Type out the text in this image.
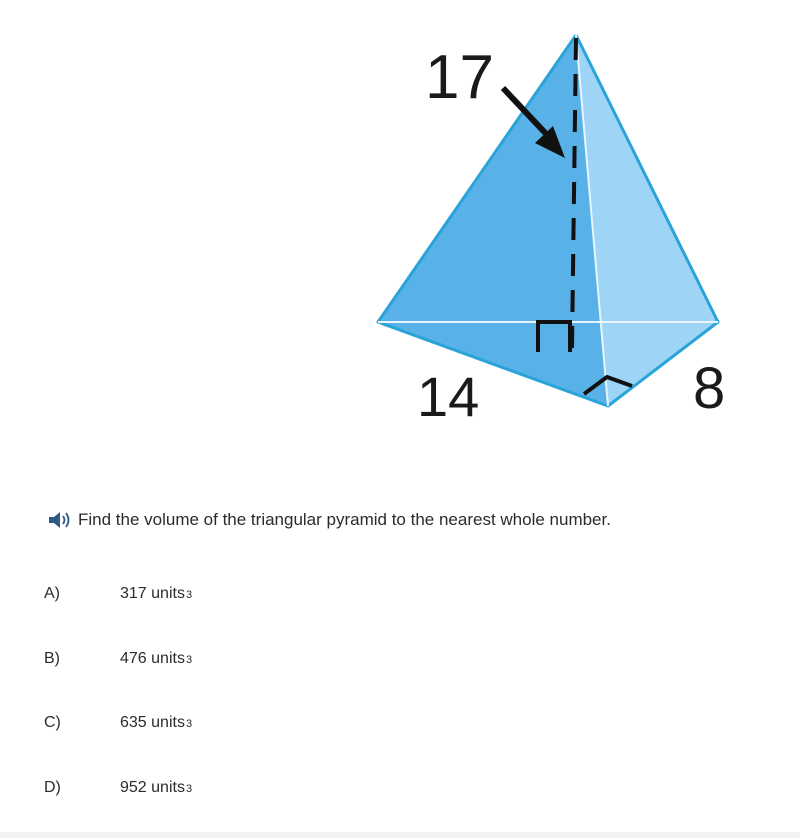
17
14	8
Find the volume of the triangular pyramid to the nearest whole number.
A)	317 units 3
B)	476 units 3
C)	635 units 3
D)	952 units 3
